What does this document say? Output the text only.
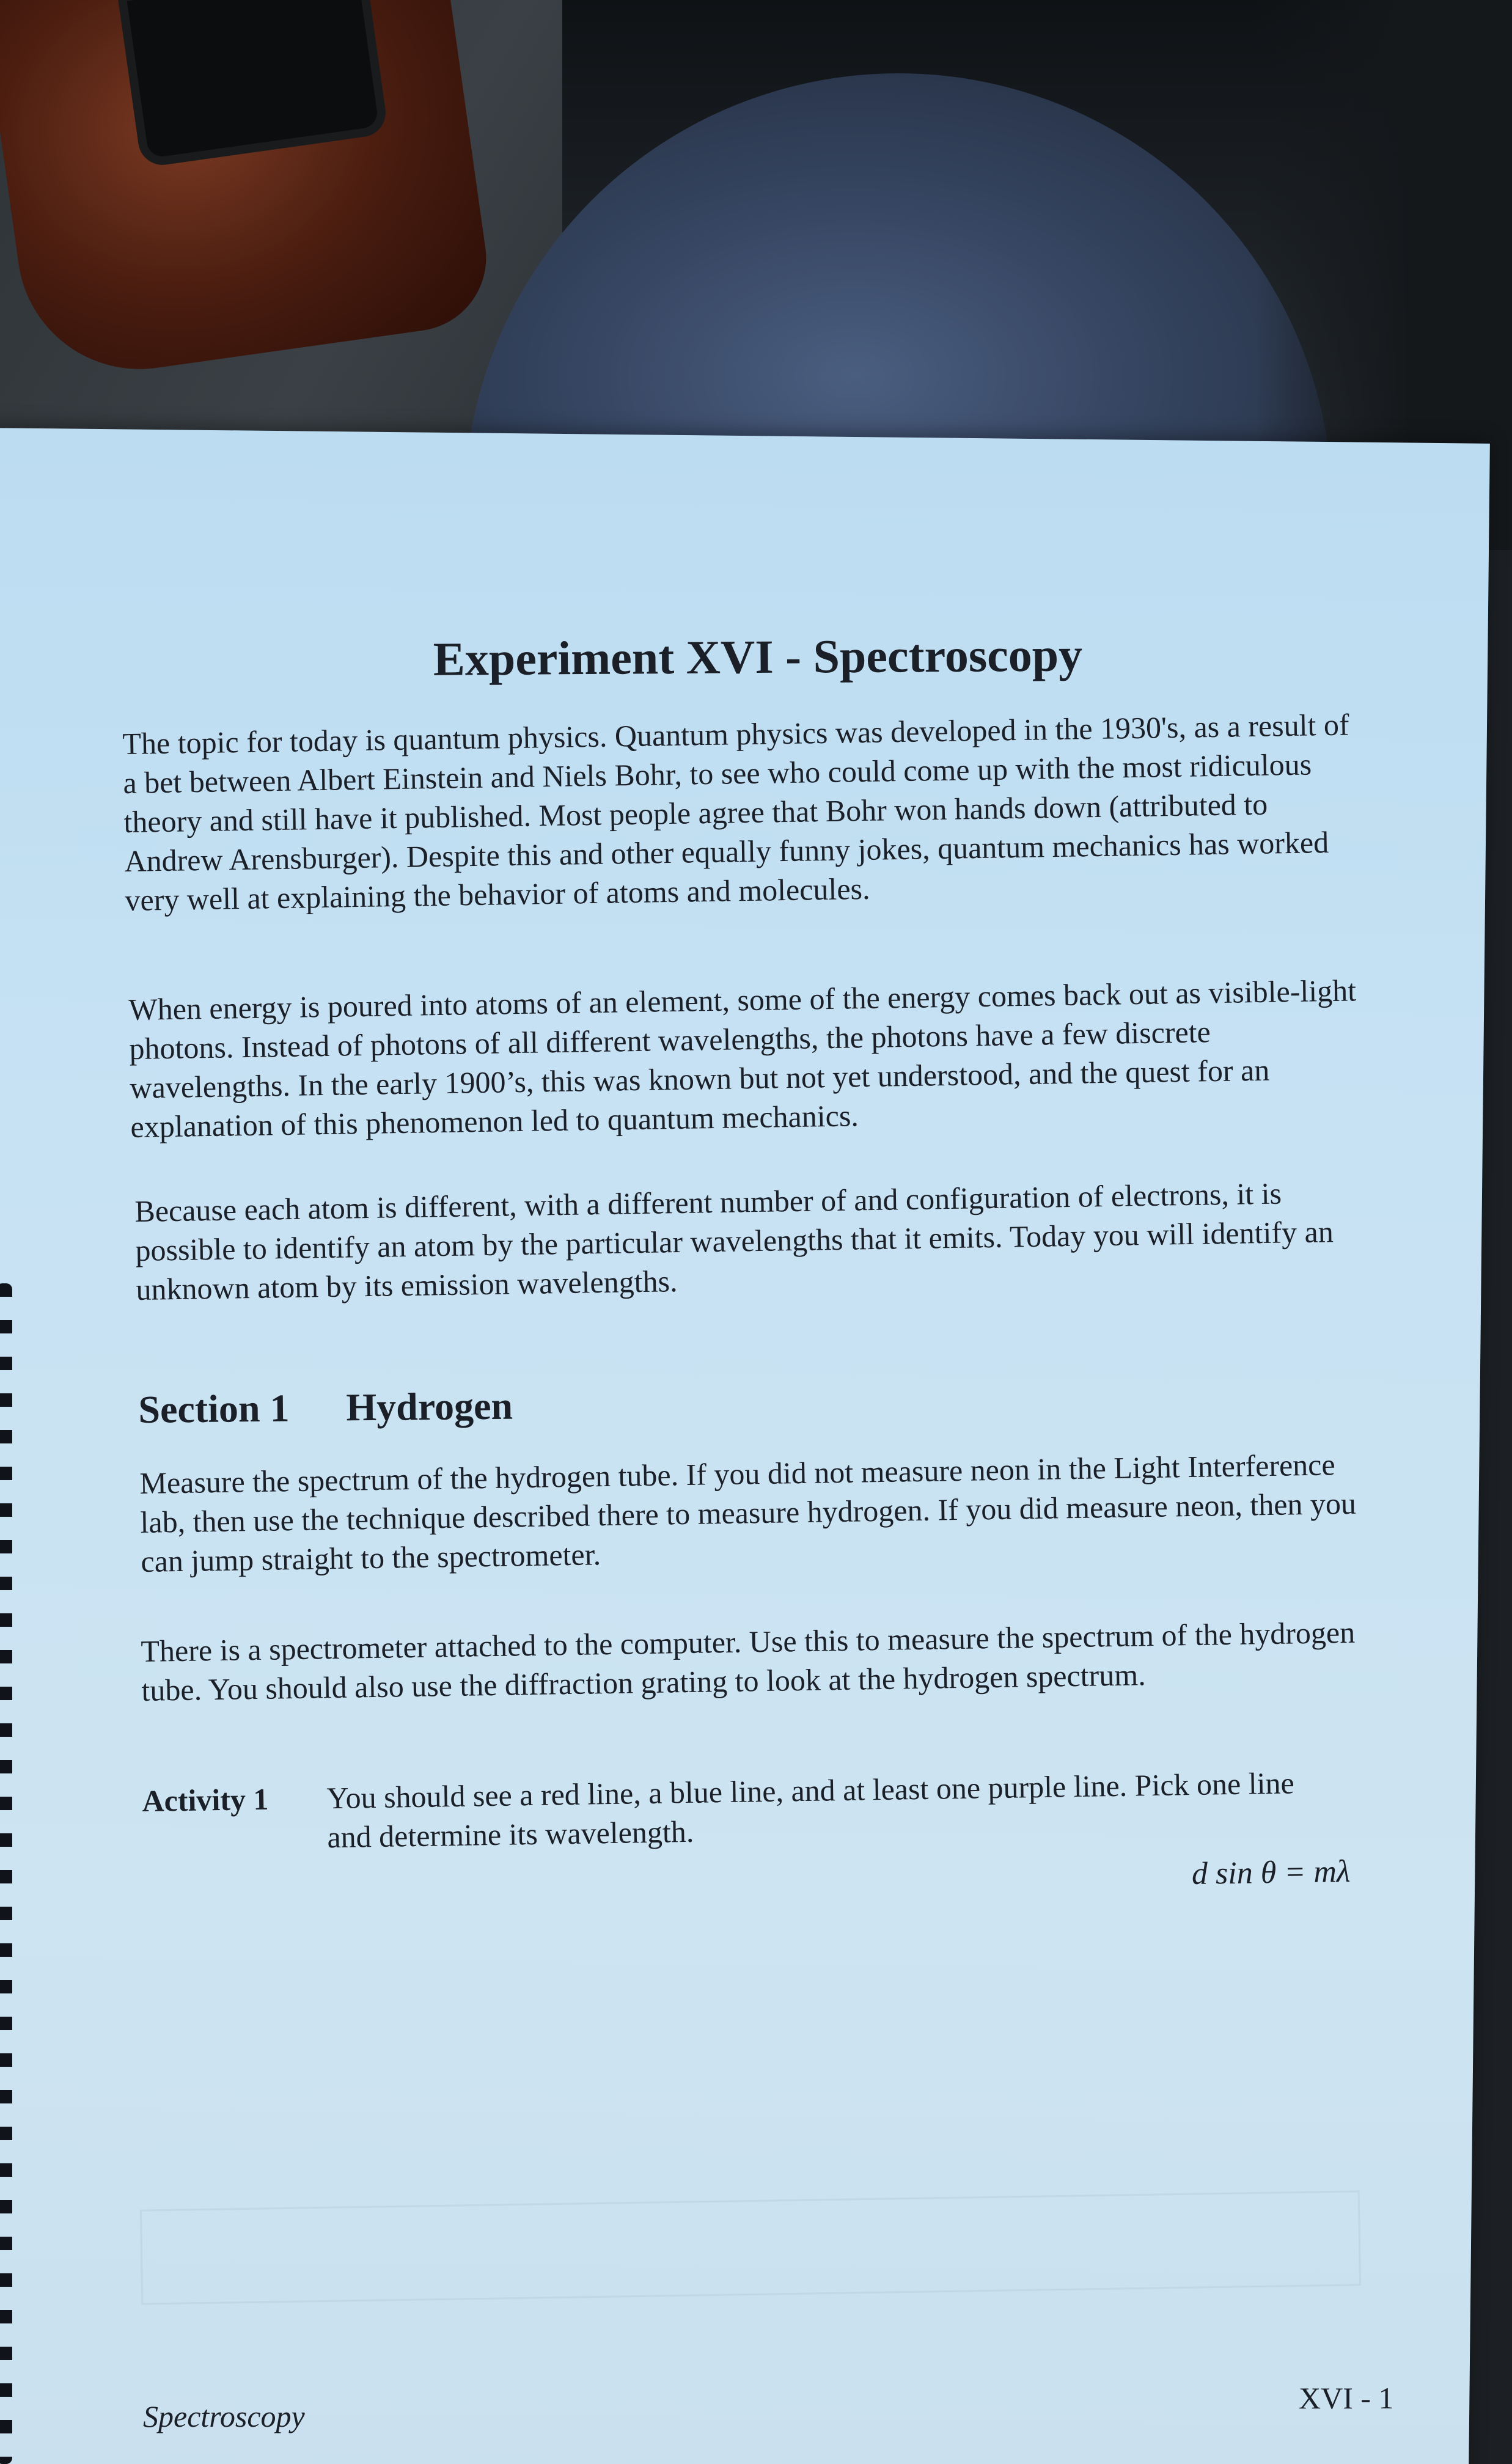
Experiment XVI - Spectroscopy

The topic for today is quantum physics. Quantum physics was developed in the 1930's, as a result of a bet between Albert Einstein and Niels Bohr, to see who could come up with the most ridiculous theory and still have it published. Most people agree that Bohr won hands down (attributed to Andrew Arensburger). Despite this and other equally funny jokes, quantum mechanics has worked very well at explaining the behavior of atoms and molecules.

When energy is poured into atoms of an element, some of the energy comes back out as visible-light photons. Instead of photons of all different wavelengths, the photons have a few discrete wavelengths. In the early 1900’s, this was known but not yet understood, and the quest for an explanation of this phenomenon led to quantum mechanics.

Because each atom is different, with a different number of and configuration of electrons, it is possible to identify an atom by the particular wavelengths that it emits. Today you will identify an unknown atom by its emission wavelengths.

Section 1 Hydrogen

Measure the spectrum of the hydrogen tube. If you did not measure neon in the Light Interference lab, then use the technique described there to measure hydrogen. If you did measure neon, then you can jump straight to the spectrometer.

There is a spectrometer attached to the computer. Use this to measure the spectrum of the hydrogen tube. You should also use the diffraction grating to look at the hydrogen spectrum.

Activity 1	You should see a red line, a blue line, and at least one purple line. Pick one line and determine its wavelength.
d sin θ = mλ
Spectroscopy
XVI - 1
